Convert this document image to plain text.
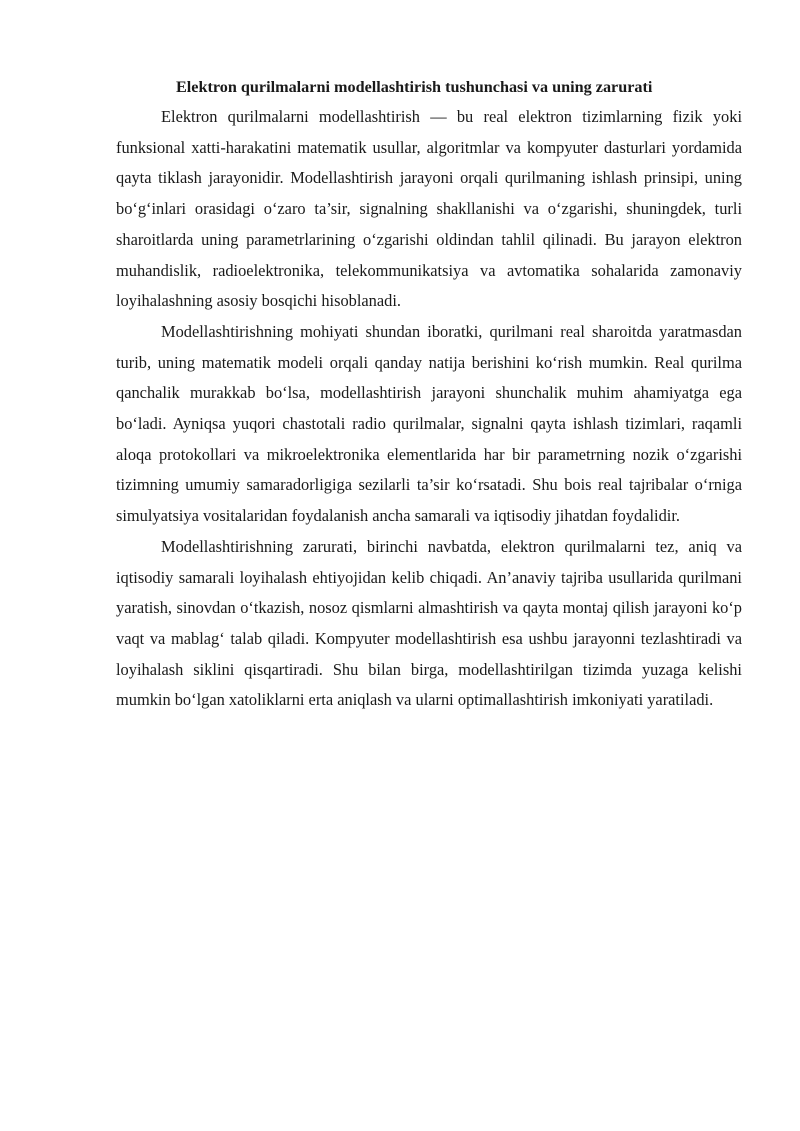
Elektron qurilmalarni modellashtirish tushunchasi va uning zarurati

Elektron qurilmalarni modellashtirish — bu real elektron tizimlarning fizik yoki funksional xatti-harakatini matematik usullar, algoritmlar va kompyuter dasturlari yordamida qayta tiklash jarayonidir. Modellashtirish jarayoni orqali qurilmaning ishlash prinsipi, uning bo‘g‘inlari orasidagi o‘zaro ta’sir, signalning shakllanishi va o‘zgarishi, shuningdek, turli sharoitlarda uning parametrlarining o‘zgarishi oldindan tahlil qilinadi. Bu jarayon elektron muhandislik, radioelektronika, telekommunikatsiya va avtomatika sohalarida zamonaviy loyihalashning asosiy bosqichi hisoblanadi.

Modellashtirishning mohiyati shundan iboratki, qurilmani real sharoitda yaratmasdan turib, uning matematik modeli orqali qanday natija berishini ko‘rish mumkin. Real qurilma qanchalik murakkab bo‘lsa, modellashtirish jarayoni shunchalik muhim ahamiyatga ega bo‘ladi. Ayniqsa yuqori chastotali radio qurilmalar, signalni qayta ishlash tizimlari, raqamli aloqa protokollari va mikroelektronika elementlarida har bir parametrning nozik o‘zgarishi tizimning umumiy samaradorligiga sezilarli ta’sir ko‘rsatadi. Shu bois real tajribalar o‘rniga simulyatsiya vositalaridan foydalanish ancha samarali va iqtisodiy jihatdan foydalidir.

Modellashtirishning zarurati, birinchi navbatda, elektron qurilmalarni tez, aniq va iqtisodiy samarali loyihalash ehtiyojidan kelib chiqadi. An’anaviy tajriba usullarida qurilmani yaratish, sinovdan o‘tkazish, nosoz qismlarni almashtirish va qayta montaj qilish jarayoni ko‘p vaqt va mablag‘ talab qiladi. Kompyuter modellashtirish esa ushbu jarayonni tezlashtiradi va loyihalash siklini qisqartiradi. Shu bilan birga, modellashtirilgan tizimda yuzaga kelishi mumkin bo‘lgan xatoliklarni erta aniqlash va ularni optimallashtirish imkoniyati yaratiladi.
